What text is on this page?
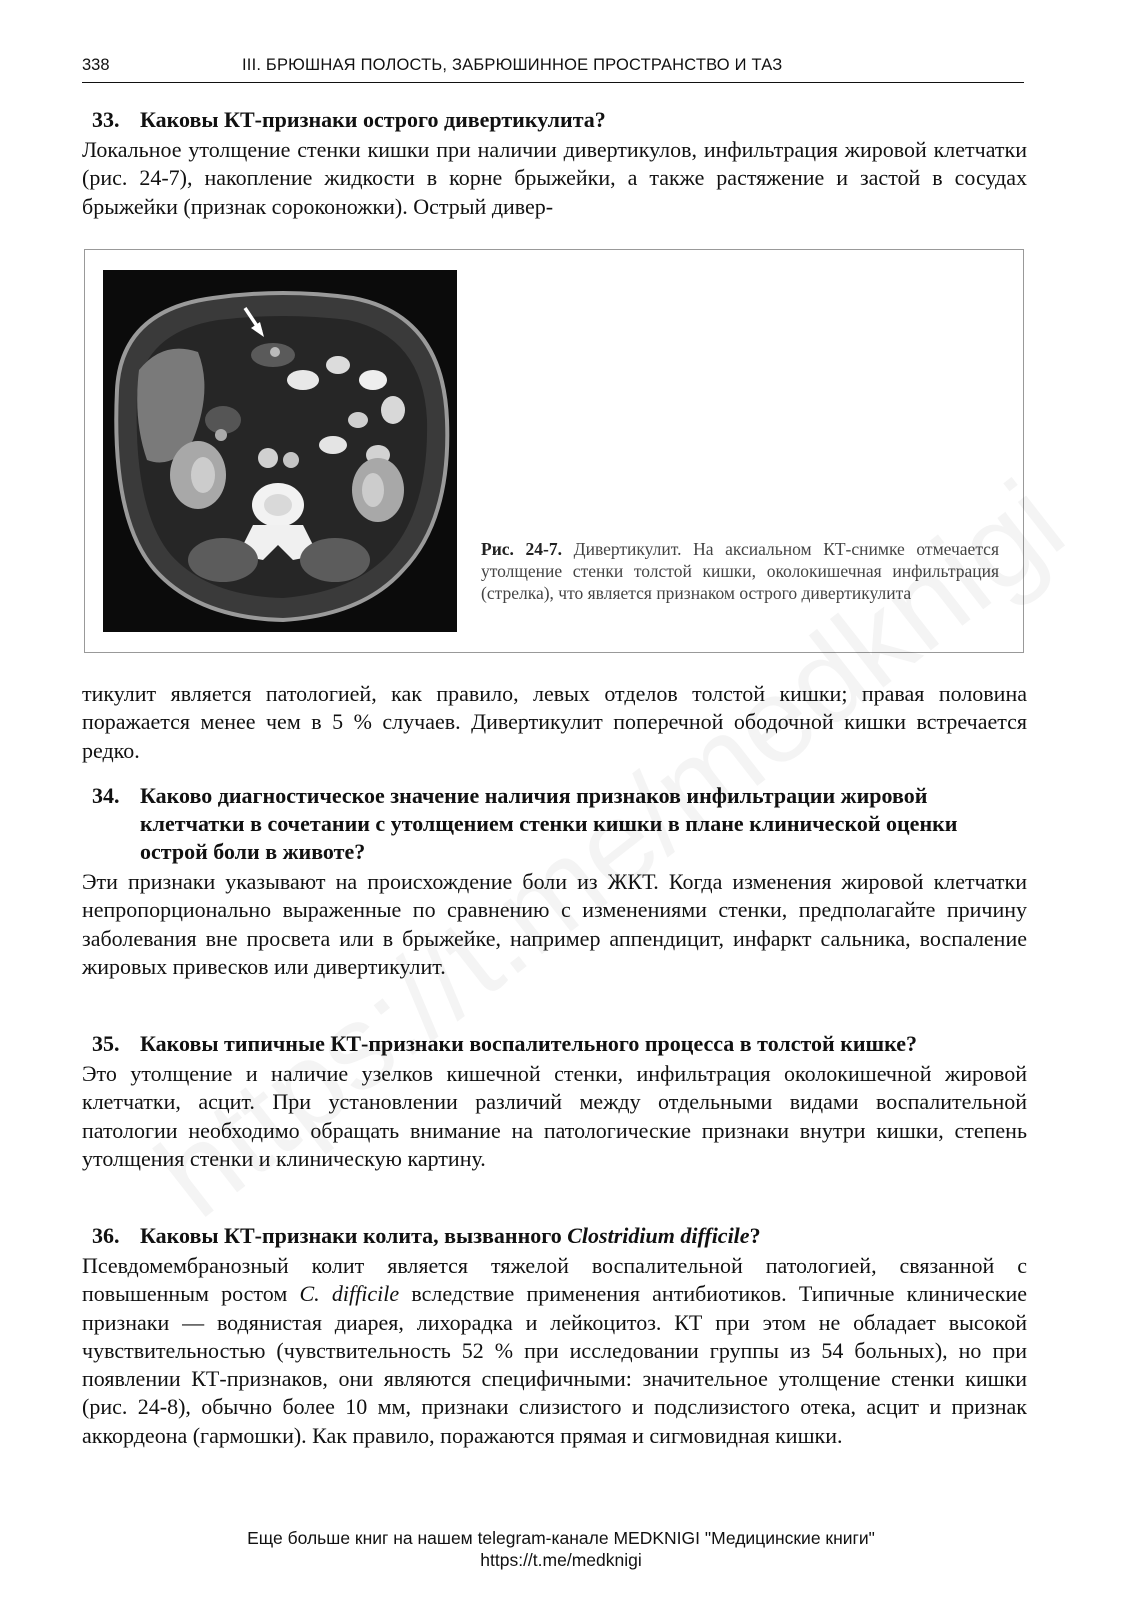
338	III. БРЮШНАЯ ПОЛОСТЬ, ЗАБРЮШИННОЕ ПРОСТРАНСТВО И ТАЗ
33. Каковы КТ-признаки острого дивертикулита?
Локальное утолщение стенки кишки при наличии дивертикулов, инфильтрация жировой клетчатки (рис. 24-7), накопление жидкости в корне брыжейки, а также растяжение и застой в сосудах брыжейки (признак сороконожки). Острый дивер-
Рис. 24-7. Дивертикулит. На аксиальном КТ-снимке отмечается утолщение стенки толстой кишки, околокишечная инфильтрация (стрелка), что является признаком острого дивертикулита
тикулит является патологией, как правило, левых отделов толстой кишки; правая половина поражается менее чем в 5 % случаев. Дивертикулит поперечной ободочной кишки встречается редко.
34. Каково диагностическое значение наличия признаков инфильтрации жировой клетчатки в сочетании с утолщением стенки кишки в плане клинической оценки острой боли в животе?
Эти признаки указывают на происхождение боли из ЖКТ. Когда изменения жировой клетчатки непропорционально выраженные по сравнению с изменениями стенки, предполагайте причину заболевания вне просвета или в брыжейке, например аппендицит, инфаркт сальника, воспаление жировых привесков или дивертикулит.
35. Каковы типичные КТ-признаки воспалительного процесса в толстой кишке?
Это утолщение и наличие узелков кишечной стенки, инфильтрация околокишечной жировой клетчатки, асцит. При установлении различий между отдельными видами воспалительной патологии необходимо обращать внимание на патологические признаки внутри кишки, степень утолщения стенки и клиническую картину.
36. Каковы КТ-признаки колита, вызванного Clostridium difficile?
Псевдомембранозный колит является тяжелой воспалительной патологией, связанной с повышенным ростом C. difficile вследствие применения антибиотиков. Типичные клинические признаки — водянистая диарея, лихорадка и лейкоцитоз. КТ при этом не обладает высокой чувствительностью (чувствительность 52 % при исследовании группы из 54 больных), но при появлении КТ-признаков, они являются специфичными: значительное утолщение стенки кишки (рис. 24-8), обычно более 10 мм, признаки слизистого и подслизистого отека, асцит и признак аккордеона (гармошки). Как правило, поражаются прямая и сигмовидная кишки.
Еще больше книг на нашем telegram-канале MEDKNIGI "Медицинские книги"
https://t.me/medknigi
